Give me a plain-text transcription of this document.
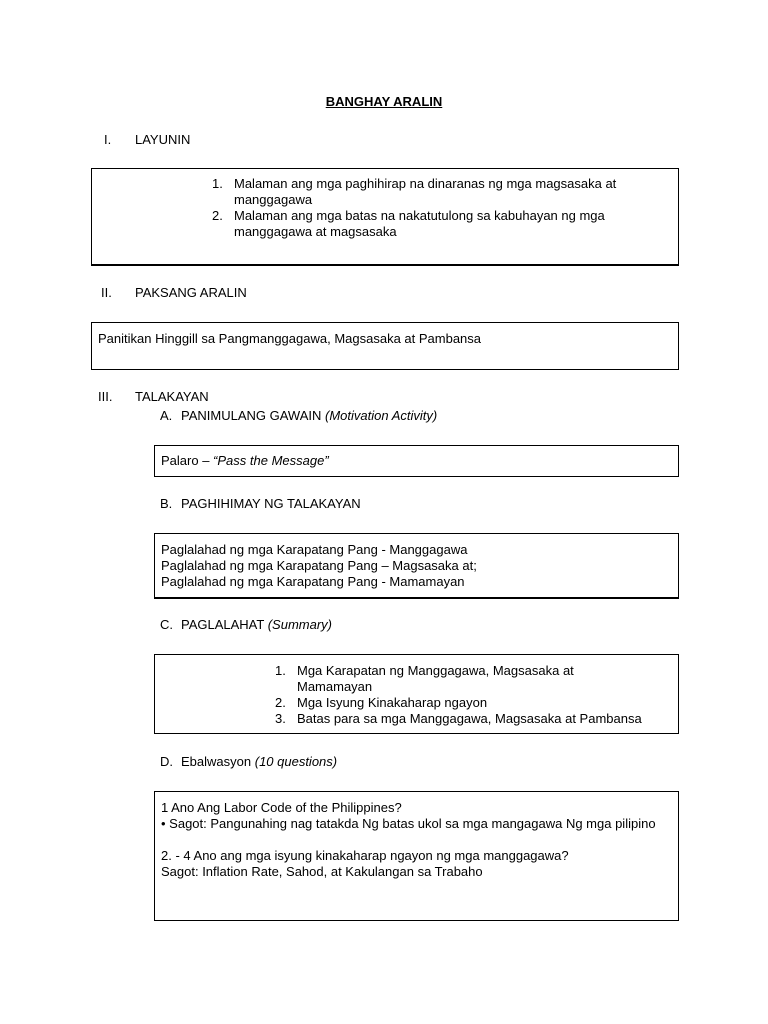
BANGHAY ARALIN
I. LAYUNIN
1. Malaman ang mga paghihirap na dinaranas ng mga magsasaka at manggagawa
2. Malaman ang mga batas na nakatutulong sa kabuhayan ng mga manggagawa at magsasaka
II. PAKSANG ARALIN
Panitikan Hinggill sa Pangmanggagawa, Magsasaka at Pambansa
III. TALAKAYAN
A. PANIMULANG GAWAIN (Motivation Activity)
Palaro – “Pass the Message”
B. PAGHIHIMAY NG TALAKAYAN
Paglalahad ng mga Karapatang Pang - Manggagawa
Paglalahad ng mga Karapatang Pang – Magsasaka at;
Paglalahad ng mga Karapatang Pang - Mamamayan
C. PAGLALAHAT (Summary)
1. Mga Karapatan ng Manggagawa, Magsasaka at Mamamayan
2. Mga Isyung Kinakaharap ngayon
3. Batas para sa mga Manggagawa, Magsasaka at Pambansa
D. Ebalwasyon (10 questions)
1 Ano Ang Labor Code of the Philippines?
• Sagot: Pangunahing nag tatakda Ng batas ukol sa mga mangagawa Ng mga pilipino
2. - 4 Ano ang mga isyung kinakaharap ngayon ng mga manggagawa?
Sagot: Inflation Rate, Sahod, at Kakulangan sa Trabaho
